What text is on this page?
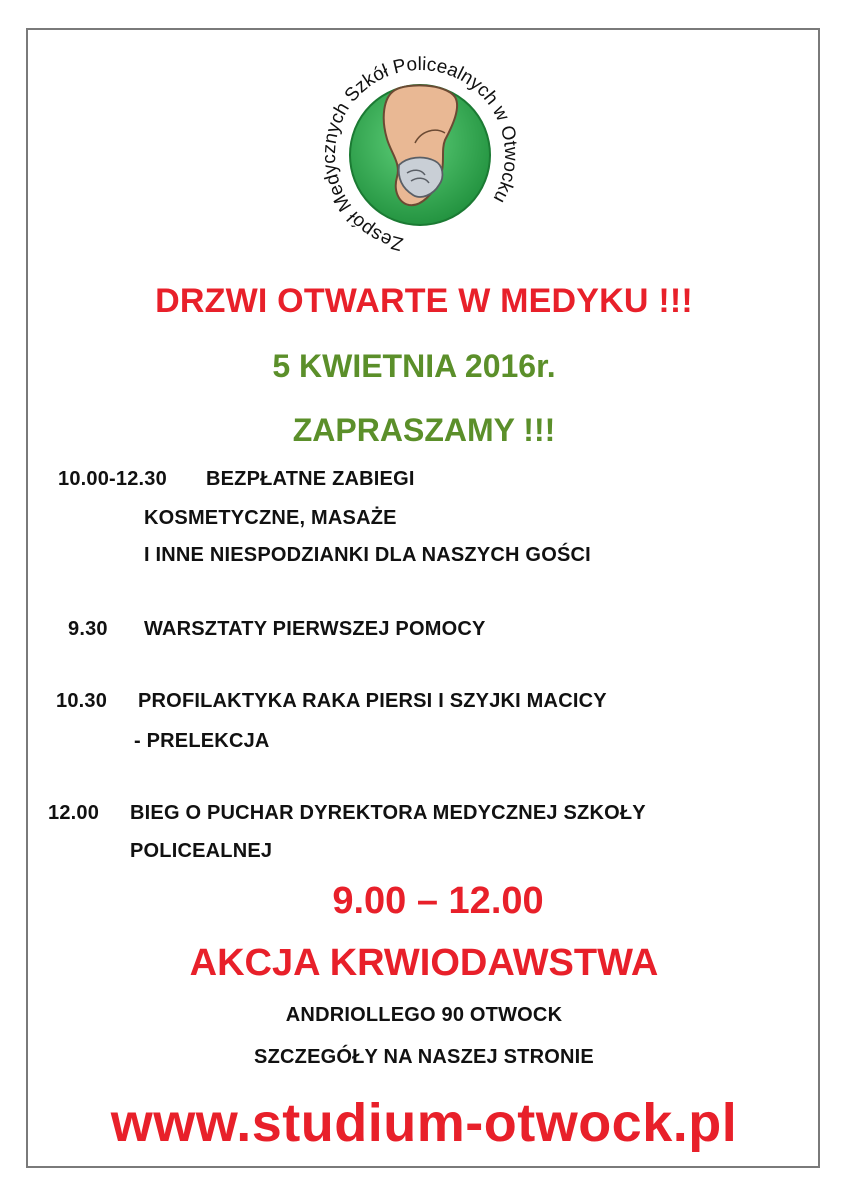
Zespół Medycznych Szkół Policealnych w Otwocku
DRZWI OTWARTE W MEDYKU !!!
5 KWIETNIA 2016r.
ZAPRASZAMY !!!
10.00-12.30 BEZPŁATNE ZABIEGI
KOSMETYCZNE, MASAŻE
I INNE NIESPODZIANKI DLA NASZYCH GOŚCI
9.30 WARSZTATY PIERWSZEJ POMOCY
10.30 PROFILAKTYKA RAKA PIERSI I SZYJKI MACICY
- PRELEKCJA
12.00 BIEG O PUCHAR DYREKTORA MEDYCZNEJ SZKOŁY
POLICEALNEJ
9.00 – 12.00
AKCJA KRWIODAWSTWA
ANDRIOLLEGO 90 OTWOCK
SZCZEGÓŁY NA NASZEJ STRONIE
www.studium-otwock.pl
